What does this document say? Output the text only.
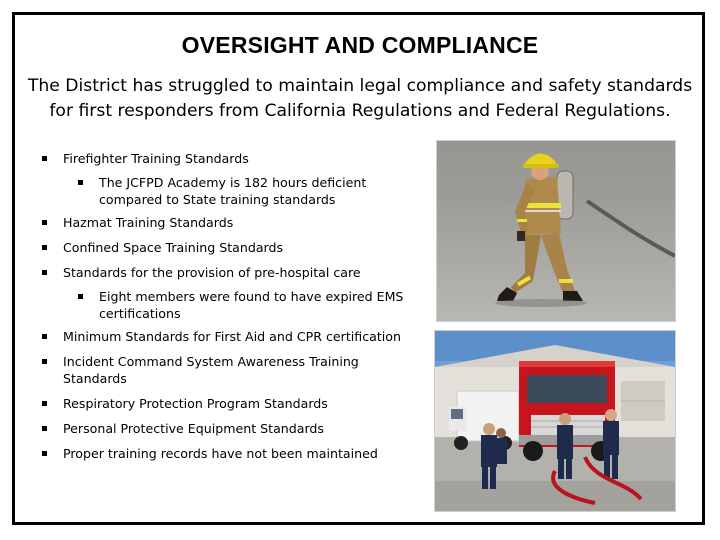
OVERSIGHT AND COMPLIANCE
The District has struggled to maintain legal compliance and safety standards for first responders from California Regulations and Federal Regulations.
Firefighter Training Standards
The JCFPD Academy is 182 hours deficient compared to State training standards
Hazmat Training Standards
Confined Space Training Standards
Standards for the provision of pre-hospital care
Eight members were found to have expired EMS certifications
Minimum Standards for First Aid and CPR certification
Incident Command System Awareness Training Standards
Respiratory Protection Program Standards
Personal Protective Equipment Standards
Proper training records have not been maintained
